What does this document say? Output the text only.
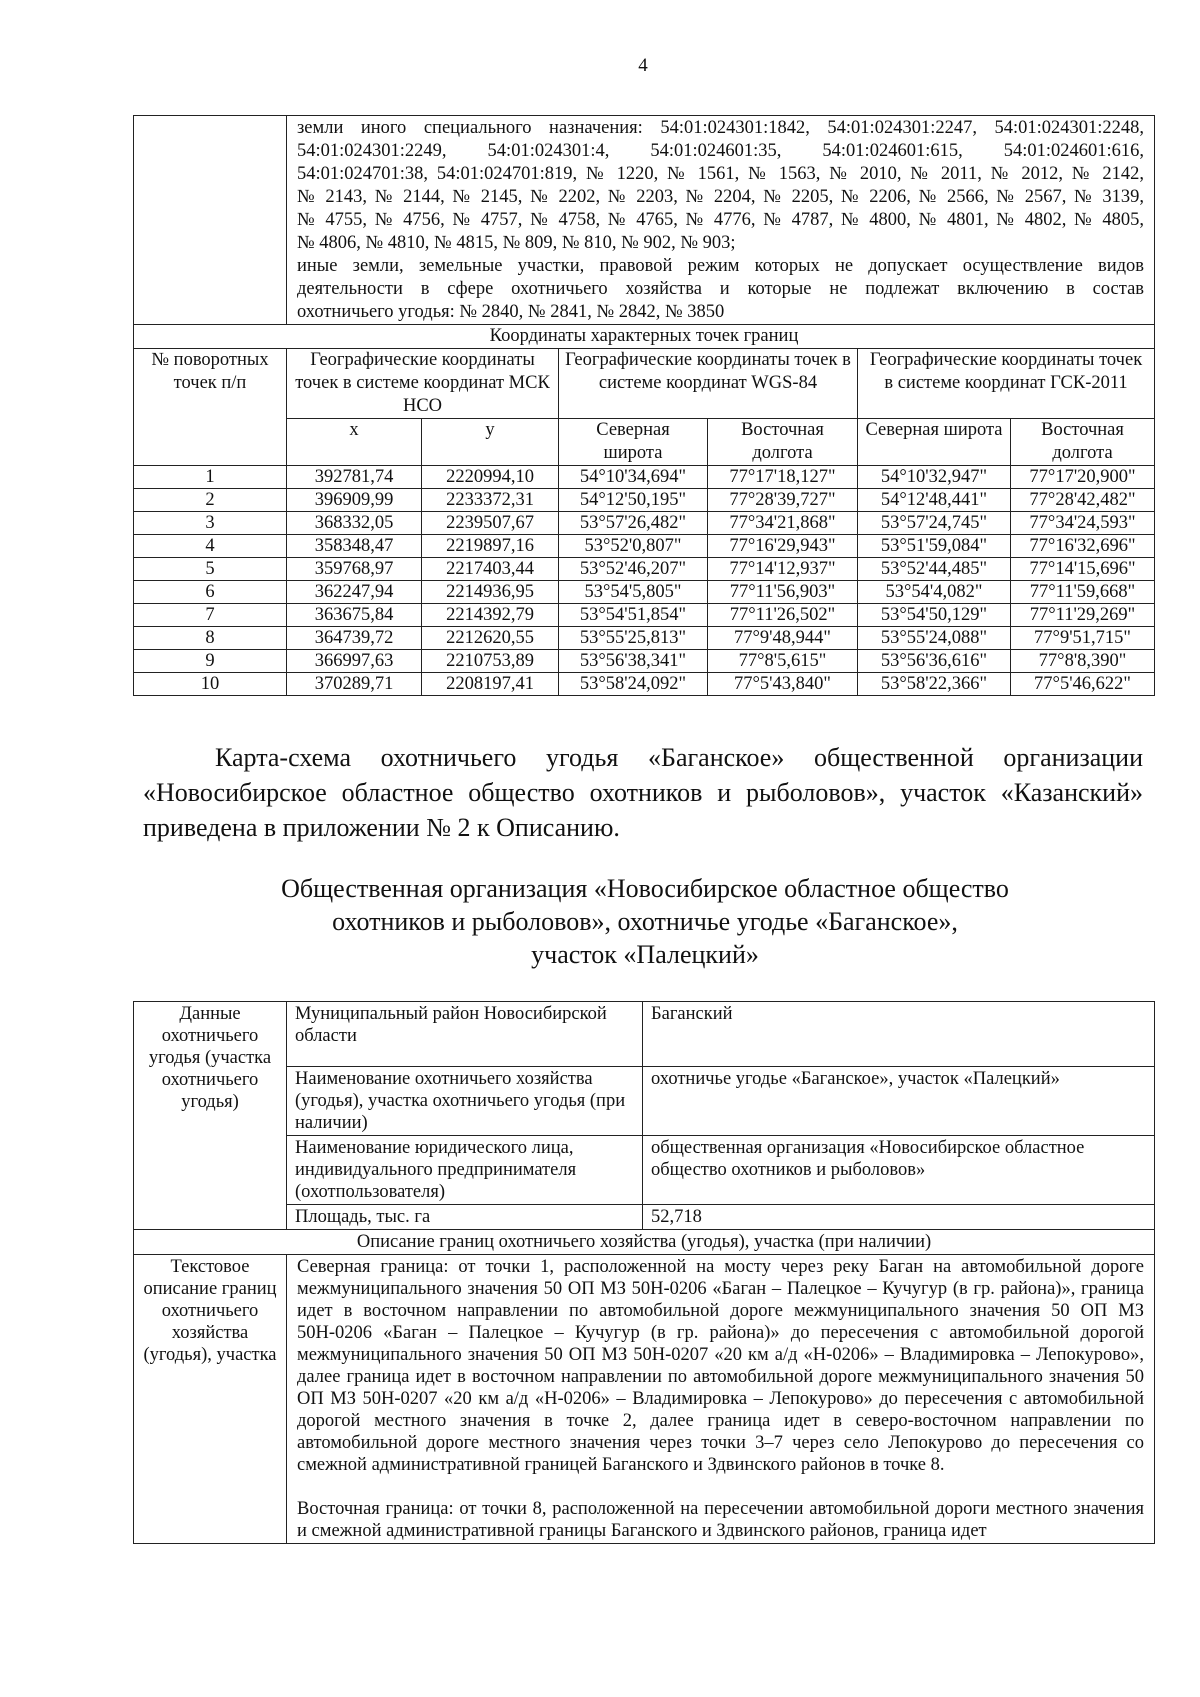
4

земли иного специального назначения: 54:01:024301:1842, 54:01:024301:2247, 54:01:024301:2248,
54:01:024301:2249, 54:01:024301:4, 54:01:024601:35, 54:01:024601:615, 54:01:024601:616,
54:01:024701:38, 54:01:024701:819, № 1220, № 1561, № 1563, № 2010, № 2011, № 2012, № 2142,
№ 2143, № 2144, № 2145, № 2202, № 2203, № 2204, № 2205, № 2206, № 2566, № 2567, № 3139,
№ 4755, № 4756, № 4757, № 4758, № 4765, № 4776, № 4787, № 4800, № 4801, № 4802, № 4805,
№ 4806, № 4810, № 4815, № 809, № 810, № 902, № 903;
иные земли, земельные участки, правовой режим которых не допускает осуществление видов
деятельности в сфере охотничьего хозяйства и которые не подлежат включению в состав
охотничьего угодья: № 2840, № 2841, № 2842, № 3850

Координаты характерных точек границ						
№ поворотных точек п/п	Географические координаты точек в системе координат МСК НСО		Географические координаты точек в системе координат WGS-84		Географические координаты точек в системе координат ГСК-2011	
	x	y	Северная широта	Восточная долгота	Северная широта	Восточная долгота
1	392781,74	2220994,10	54°10'34,694"	77°17'18,127"	54°10'32,947"	77°17'20,900"
2	396909,99	2233372,31	54°12'50,195"	77°28'39,727"	54°12'48,441"	77°28'42,482"
3	368332,05	2239507,67	53°57'26,482"	77°34'21,868"	53°57'24,745"	77°34'24,593"
4	358348,47	2219897,16	53°52'0,807"	77°16'29,943"	53°51'59,084"	77°16'32,696"
5	359768,97	2217403,44	53°52'46,207"	77°14'12,937"	53°52'44,485"	77°14'15,696"
6	362247,94	2214936,95	53°54'5,805"	77°11'56,903"	53°54'4,082"	77°11'59,668"
7	363675,84	2214392,79	53°54'51,854"	77°11'26,502"	53°54'50,129"	77°11'29,269"
8	364739,72	2212620,55	53°55'25,813"	77°9'48,944"	53°55'24,088"	77°9'51,715"
9	366997,63	2210753,89	53°56'38,341"	77°8'5,615"	53°56'36,616"	77°8'8,390"
10	370289,71	2208197,41	53°58'24,092"	77°5'43,840"	53°58'22,366"	77°5'46,622"
Карта-схема охотничьего угодья «Баганское» общественной организации «Новосибирское областное общество охотников и рыболовов», участок «Казанский» приведена в приложении № 2 к Описанию.
Общественная организация «Новосибирское областное общество
охотников и рыболовов», охотничье угодье «Баганское»,
участок «Палецкий»
Данные охотничьего угодья (участка охотничьего угодья)	Муниципальный район Новосибирской области	Баганский
	Наименование охотничьего хозяйства (угодья), участка охотничьего угодья (при наличии)	охотничье угодье «Баганское», участок «Палецкий»
	Наименование юридического лица, индивидуального предпринимателя (охотпользователя)	общественная организация «Новосибирское областное общество охотников и рыболовов»
	Площадь, тыс. га	52,718
Описание границ охотничьего хозяйства (угодья), участка (при наличии)		
Текстовое описание границ охотничьего хозяйства (угодья), участка	Северная граница: от точки 1, расположенной на мосту через реку Баган на автомобильной дороге межмуниципального значения 50 ОП МЗ 50Н-0206 «Баган – Палецкое – Кучугур (в гр. района)», граница идет в восточном направлении по автомобильной дороге межмуниципального значения 50 ОП МЗ 50Н-0206 «Баган – Палецкое – Кучугур (в гр. района)» до пересечения с автомобильной дорогой межмуниципального значения 50 ОП МЗ 50Н-0207 «20 км а/д «Н-0206» – Владимировка – Лепокурово», далее граница идет в восточном направлении по автомобильной дороге межмуниципального значения 50 ОП МЗ 50Н-0207 «20 км а/д «Н-0206» – Владимировка – Лепокурово» до пересечения с автомобильной дорогой местного значения в точке 2, далее граница идет в северо-восточном направлении по автомобильной дороге местного значения через точки 3–7 через село Лепокурово до пересечения со смежной административной границей Баганского и Здвинского районов в точке 8.

Восточная граница: от точки 8, расположенной на пересечении автомобильной дороги местного значения и смежной административной границы Баганского и Здвинского районов, граница идет	
